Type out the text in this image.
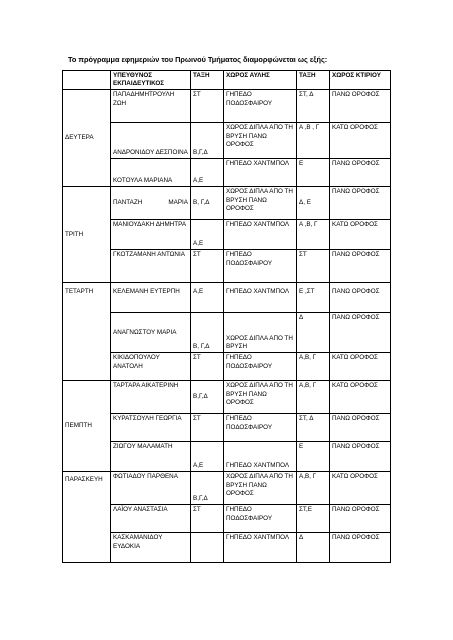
Το πρόγραμμα εφημεριών του Πρωινού Τμήματος διαμορφώνεται ως εξής:
	ΥΠΕΥΘΥΝΟΣ ΕΚΠΑΙΔΕΥΤΙΚΟΣ	ΤΑΞΗ	ΧΩΡΟΣ ΑΥΛΗΣ	ΤΑΞΗ	ΧΩΡΟΣ ΚΤΙΡΙΟΥ
ΔΕΥΤΕΡΑ	ΠΑΠΑΔΗΜΗΤΡΟΥΛΗ ΖΩΗ	ΣΤ	ΓΗΠΕΔΟ ΠΟΔΟΣΦΑΙΡΟΥ	ΣΤ, Δ	ΠΑΝΩ ΟΡΟΦΟΣ
	ΑΝΔΡΟΝΙΔΟΥ ΔΕΣΠΟΙΝΑ	Β,Γ,Δ	ΧΩΡΟΣ ΔΙΠΛΑ ΑΠΟ ΤΗ ΒΡΥΣΗ ΠΑΝΩ ΟΡΟΦΟΣ	Α ,Β , Γ	ΚΑΤΩ ΟΡΟΦΟΣ
	ΚΟΤΟΥΛΑ ΜΑΡΙΑΝΑ	Α,Ε	ΓΗΠΕΔΟ ΧΑΝΤΜΠΟΛ	Ε	ΠΑΝΩ ΟΡΟΦΟΣ
ΤΡΙΤΗ	ΠΑΝΤΑΖΗ ΜΑΡΙΑ	Β, Γ,Δ	ΧΩΡΟΣ ΔΙΠΛΑ ΑΠΟ ΤΗ ΒΡΥΣΗ ΠΑΝΩ ΟΡΟΦΟΣ	Δ, Ε	ΠΑΝΩ ΟΡΟΦΟΣ
	ΜΑΝΙΟΥΔΑΚΗ ΔΗΜΗΤΡΑ	Α,Ε	ΓΗΠΕΔΟ ΧΑΝΤΜΠΟΛ	Α ,Β, Γ	ΚΑΤΩ ΟΡΟΦΟΣ
	ΓΚΟΤΖΑΜΑΝΗ ΑΝΤΩΝΙΑ	ΣΤ	ΓΗΠΕΔΟ ΠΟΔΟΣΦΑΙΡΟΥ	ΣΤ	ΠΑΝΩ ΟΡΟΦΟΣ
ΤΕΤΑΡΤΗ	ΚΕΛΕΜΑΝΗ ΕΥΤΕΡΠΗ	Α,Ε	ΓΗΠΕΔΟ ΧΑΝΤΜΠΟΛ	Ε ,ΣΤ	ΠΑΝΩ ΟΡΟΦΟΣ
	ΑΝΑΓΝΩΣΤΟΥ ΜΑΡΙΑ	Β, Γ,Δ	ΧΩΡΟΣ ΔΙΠΛΑ ΑΠΟ ΤΗ ΒΡΥΣΗ	Δ	ΠΑΝΩ ΟΡΟΦΟΣ
	ΚΙΚΙΔΟΠΟΥΛΟΥ ΑΝΑΤΟΛΗ	ΣΤ	ΓΗΠΕΔΟ ΠΟΔΟΣΦΑΙΡΟΥ	Α,Β, Γ	ΚΑΤΩ ΟΡΟΦΟΣ
ΠΕΜΠΤΗ	ΤΑΡΤΑΡΑ ΑΙΚΑΤΕΡΙΝΗ	Β,Γ,Δ	ΧΩΡΟΣ ΔΙΠΛΑ ΑΠΟ ΤΗ ΒΡΥΣΗ ΠΑΝΩ ΟΡΟΦΟΣ	Α,Β, Γ	ΚΑΤΩ ΟΡΟΦΟΣ
	ΚΥΡΑΤΣΟΥΛΗ ΓΕΩΡΓΙΑ	ΣΤ	ΓΗΠΕΔΟ ΠΟΔΟΣΦΑΙΡΟΥ	ΣΤ, Δ	ΠΑΝΩ ΟΡΟΦΟΣ
	ΖΙΩΓΟΥ ΜΑΛΑΜΑΤΗ	Α,Ε	ΓΗΠΕΔΟ ΧΑΝΤΜΠΟΛ	Ε	ΠΑΝΩ ΟΡΟΦΟΣ
ΠΑΡΑΣΚΕΥΗ	ΦΩΤΙΑΔΟΥ ΠΑΡΘΕΝΑ	Β,Γ,Δ	ΧΩΡΟΣ ΔΙΠΛΑ ΑΠΟ ΤΗ ΒΡΥΣΗ ΠΑΝΩ ΟΡΟΦΟΣ	Α,Β, Γ	ΚΑΤΩ ΟΡΟΦΟΣ
	ΛΑΪΟΥ ΑΝΑΣΤΑΣΙΑ	ΣΤ	ΓΗΠΕΔΟ ΠΟΔΟΣΦΑΙΡΟΥ	ΣΤ,Ε	ΠΑΝΩ ΟΡΟΦΟΣ
	ΚΑΣΚΑΜΑΝΙΔΟΥ ΕΥΔΟΚΙΑ		ΓΗΠΕΔΟ ΧΑΝΤΜΠΟΛ	Δ	ΠΑΝΩ ΟΡΟΦΟΣ
